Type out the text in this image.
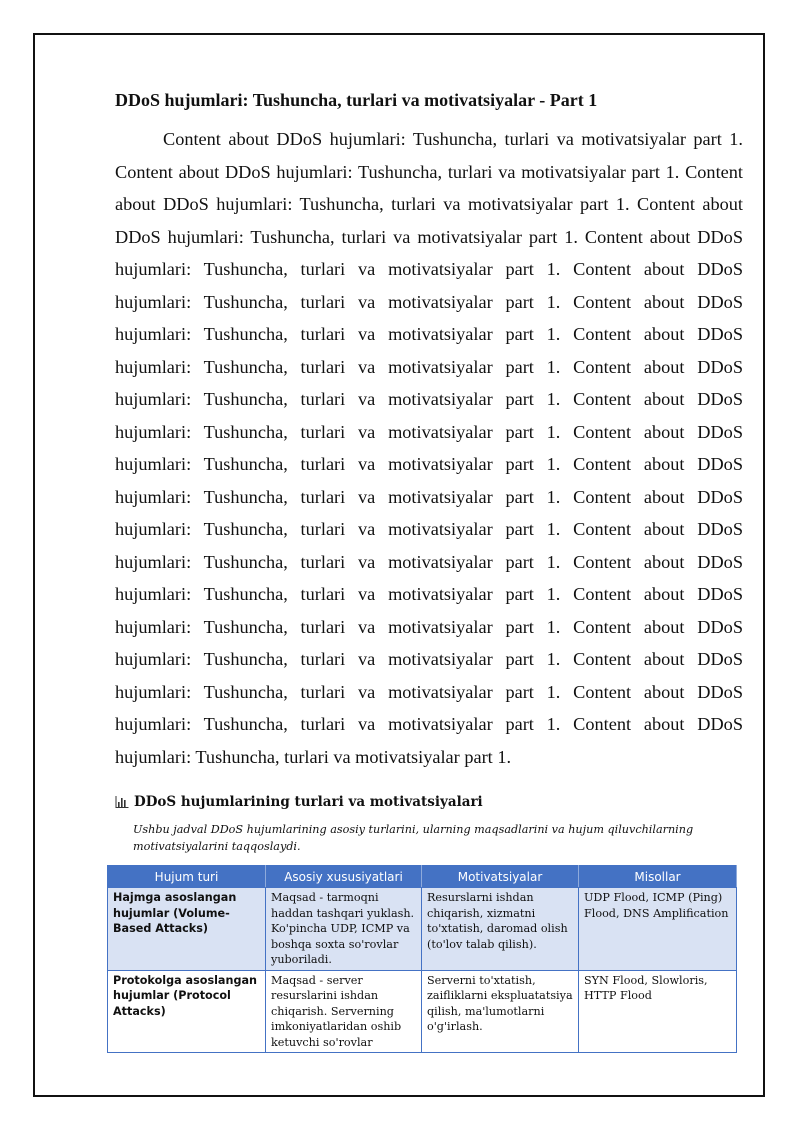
DDoS hujumlari: Tushuncha, turlari va motivatsiyalar - Part 1

Content about DDoS hujumlari: Tushuncha, turlari va motivatsiyalar part 1. Content about DDoS hujumlari: Tushuncha, turlari va motivatsiyalar part 1. Content about DDoS hujumlari: Tushuncha, turlari va motivatsiyalar part 1. Content about DDoS hujumlari: Tushuncha, turlari va motivatsiyalar part 1. Content about DDoS hujumlari: Tushuncha, turlari va motivatsiyalar part 1. Content about DDoS hujumlari: Tushuncha, turlari va motivatsiyalar part 1. Content about DDoS hujumlari: Tushuncha, turlari va motivatsiyalar part 1. Content about DDoS hujumlari: Tushuncha, turlari va motivatsiyalar part 1. Content about DDoS hujumlari: Tushuncha, turlari va motivatsiyalar part 1. Content about DDoS hujumlari: Tushuncha, turlari va motivatsiyalar part 1. Content about DDoS hujumlari: Tushuncha, turlari va motivatsiyalar part 1. Content about DDoS hujumlari: Tushuncha, turlari va motivatsiyalar part 1. Content about DDoS hujumlari: Tushuncha, turlari va motivatsiyalar part 1. Content about DDoS hujumlari: Tushuncha, turlari va motivatsiyalar part 1. Content about DDoS hujumlari: Tushuncha, turlari va motivatsiyalar part 1. Content about DDoS hujumlari: Tushuncha, turlari va motivatsiyalar part 1. Content about DDoS hujumlari: Tushuncha, turlari va motivatsiyalar part 1. Content about DDoS hujumlari: Tushuncha, turlari va motivatsiyalar part 1. Content about DDoS hujumlari: Tushuncha, turlari va motivatsiyalar part 1. Content about DDoS hujumlari: Tushuncha, turlari va motivatsiyalar part 1.

DDoS hujumlarining turlari va motivatsiyalari

Ushbu jadval DDoS hujumlarining asosiy turlarini, ularning maqsadlarini va hujum qiluvchilarning motivatsiyalarini taqqoslaydi.

Hujum turi	Asosiy xususiyatlari	Motivatsiyalar	Misollar
Hajmga asoslangan hujumlar (Volume-Based Attacks)	Maqsad - tarmoqni haddan tashqari yuklash. Ko'pincha UDP, ICMP va boshqa soxta so'rovlar yuboriladi.	Resurslarni ishdan chiqarish, xizmatni to'xtatish, daromad olish (to'lov talab qilish).	UDP Flood, ICMP (Ping) Flood, DNS Amplification
Protokolga asoslangan hujumlar (Protocol Attacks)	Maqsad - server resurslarini ishdan chiqarish. Serverning imkoniyatlaridan oshib ketuvchi so'rovlar	Serverni to'xtatish, zaifliklarni ekspluatatsiya qilish, ma'lumotlarni o'g'irlash.	SYN Flood, Slowloris, HTTP Flood
